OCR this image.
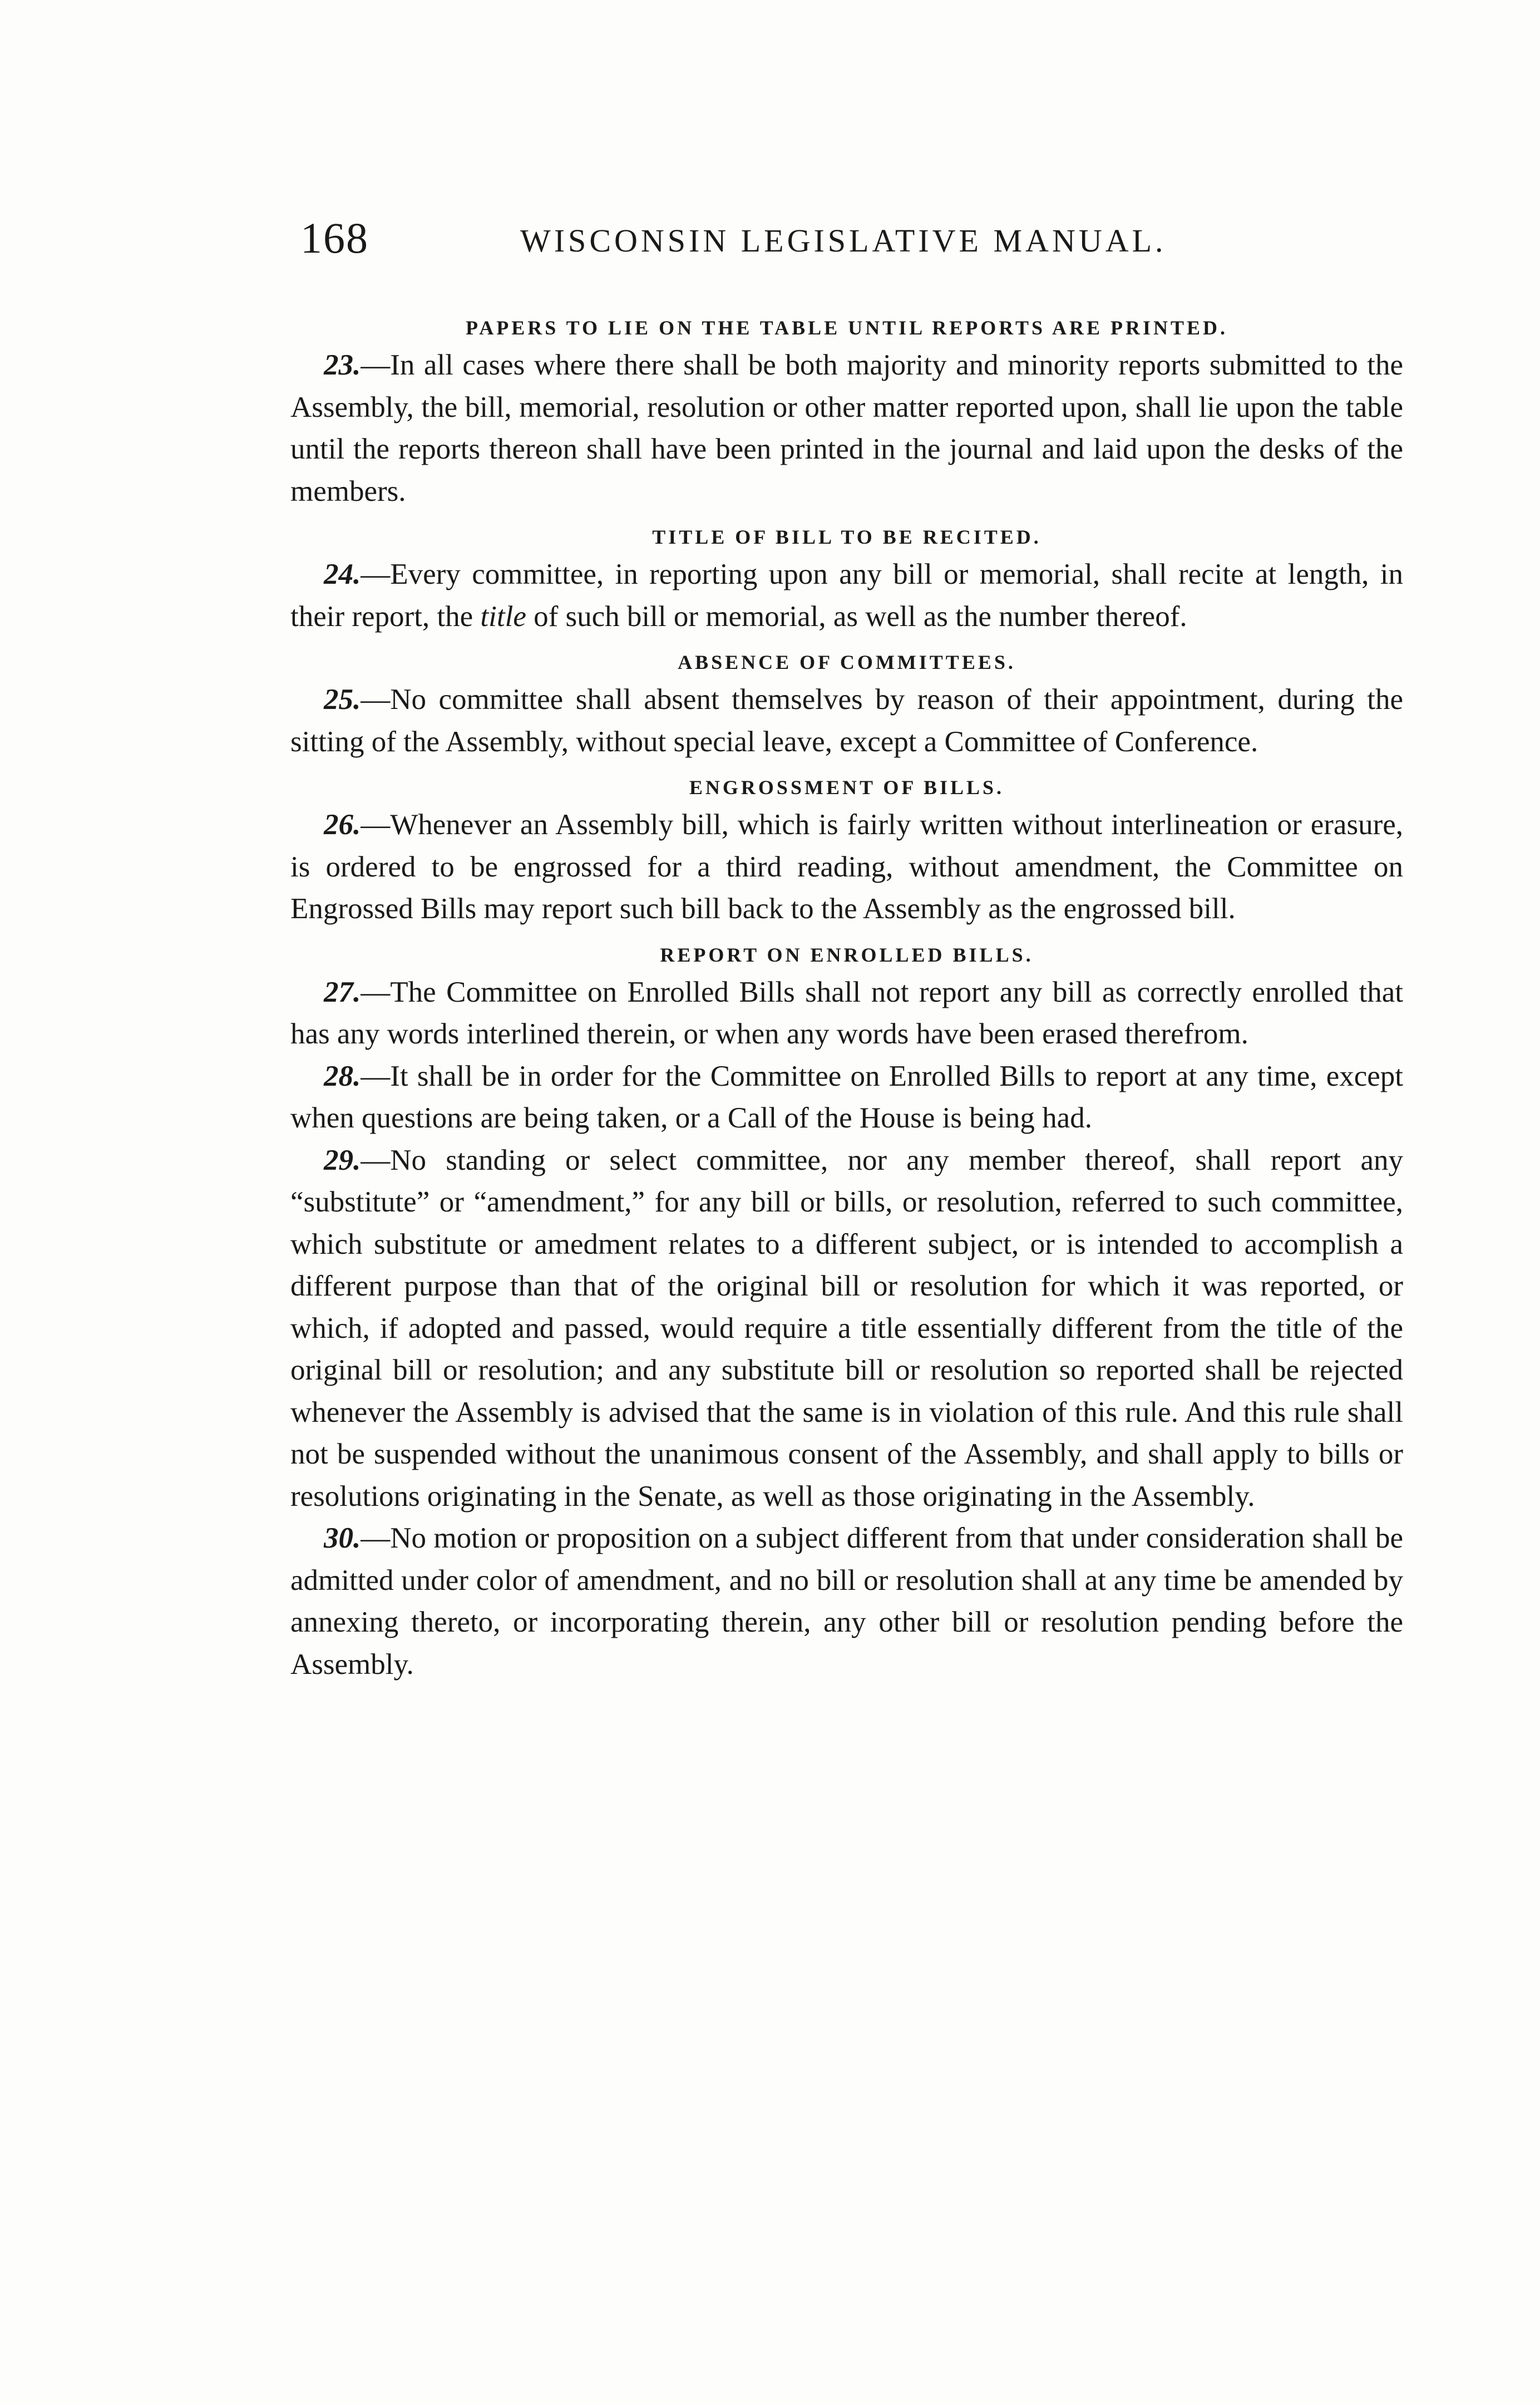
168	WISCONSIN LEGISLATIVE MANUAL.
PAPERS TO LIE ON THE TABLE UNTIL REPORTS ARE PRINTED.

23.—In all cases where there shall be both majority and minority reports submitted to the Assembly, the bill, memorial, resolution or other matter reported upon, shall lie upon the table until the reports thereon shall have been printed in the journal and laid upon the desks of the members.

TITLE OF BILL TO BE RECITED.

24.—Every committee, in reporting upon any bill or memorial, shall recite at length, in their report, the title of such bill or memorial, as well as the number thereof.

ABSENCE OF COMMITTEES.

25.—No committee shall absent themselves by reason of their appointment, during the sitting of the Assembly, without special leave, except a Committee of Conference.

ENGROSSMENT OF BILLS.

26.—Whenever an Assembly bill, which is fairly written without interlineation or erasure, is ordered to be engrossed for a third reading, without amendment, the Committee on Engrossed Bills may report such bill back to the Assembly as the engrossed bill.

REPORT ON ENROLLED BILLS.

27.—The Committee on Enrolled Bills shall not report any bill as correctly enrolled that has any words interlined therein, or when any words have been erased therefrom.

28.—It shall be in order for the Committee on Enrolled Bills to report at any time, except when questions are being taken, or a Call of the House is being had.

29.—No standing or select committee, nor any member thereof, shall report any “substitute” or “amendment,” for any bill or bills, or resolution, referred to such committee, which substitute or amedment relates to a different subject, or is intended to accomplish a different purpose than that of the original bill or resolution for which it was reported, or which, if adopted and passed, would require a title essentially different from the title of the original bill or resolution; and any substitute bill or resolution so reported shall be rejected whenever the Assembly is advised that the same is in violation of this rule. And this rule shall not be suspended without the unanimous consent of the Assembly, and shall apply to bills or resolutions originating in the Senate, as well as those originating in the Assembly.

30.—No motion or proposition on a subject different from that under consideration shall be admitted under color of amendment, and no bill or resolution shall at any time be amended by annexing thereto, or incorporating therein, any other bill or resolution pending before the Assembly.
